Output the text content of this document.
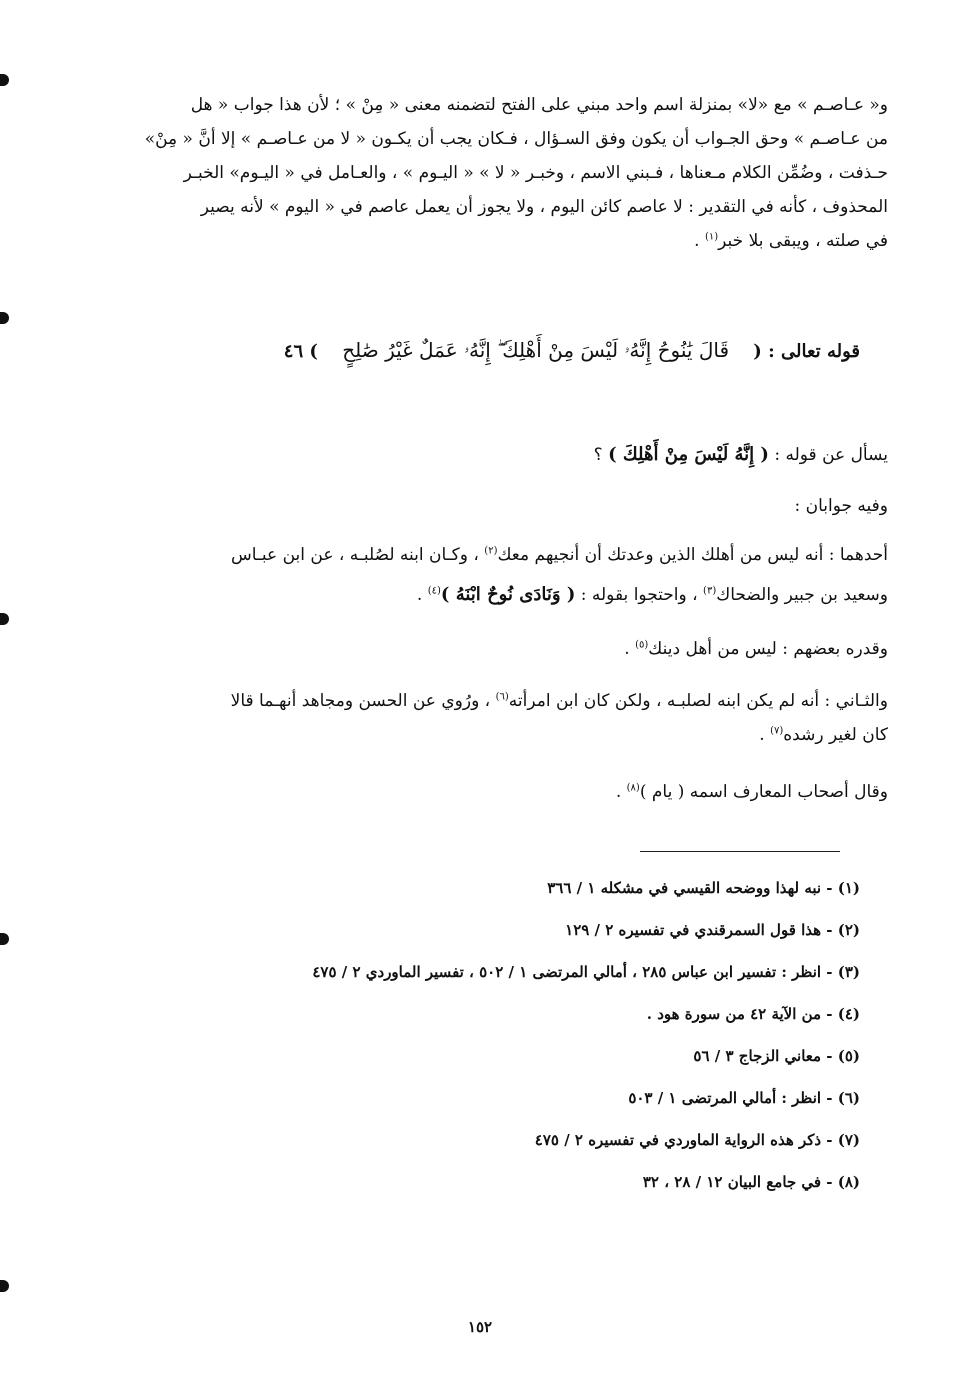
و« عـاصـم » مع «لا» بمنزلة اسم واحد مبني على الفتح لتضمنه معنى « مِنْ » ؛ لأن هذا جواب « هل
من عـاصـم » وحق الجـواب أن يكون وفق السـؤال ، فـكان يجب أن يكـون « لا من عـاصـم » إلا أنَّ « مِنْ»
حـذفت ، وضُمِّن الكلام مـعناها ، فـبني الاسم ، وخبـر « لا » « اليـوم » ، والعـامل في « اليـوم» الخبـر
المحذوف ، كأنه في التقدير : لا عاصم كائن اليوم ، ولا يجوز أن يعمل عاصم في « اليوم » لأنه يصير
في صلته ، ويبقى بلا خبر$^{(١)}$ .
قوله تعالى : ( قَالَ يَٰنُوحُ إِنَّهُۥ لَيْسَ مِنْ أَهْلِكَ ۖ إِنَّهُۥ عَمَلٌ غَيْرُ صَٰلِحٍ ) ٤٦
يسأل عن قوله : ( إِنَّهُ لَيْسَ مِنْ أَهْلِكَ ) ؟
وفيه جوابان :
أحدهما : أنه ليس من أهلك الذين وعدتك أن أنجيهم معك$^{(٢)}$ ، وكـان ابنه لصُلبـه ، عن ابن عبـاس
وسعيد بن جبير والضحاك$^{(٣)}$ ، واحتجوا بقوله : ( وَنَادَى نُوحٌ ابْنَهُ )$^{(٤)}$ .
وقدره بعضهم : ليس من أهل دينك$^{(٥)}$ .
والثـاني : أنه لم يكن ابنه لصلبـه ، ولكن كان ابن امرأته$^{(٦)}$ ، ورُوي عن الحسن ومجاهد أنهـما قالا
كان لغير رشده$^{(٧)}$ .
وقال أصحاب المعارف اسمه ( يام )$^{(٨)}$ .
(١) - نبه لهذا ووضحه القيسي في مشكله ١ / ٣٦٦
(٢) - هذا قول السمرقندي في تفسيره ٢ / ١٢٩
(٣) - انظر : تفسير ابن عباس ٢٨٥ ، أمالي المرتضى ١ / ٥٠٢ ، تفسير الماوردي ٢ / ٤٧٥
(٤) - من الآية ٤٢ من سورة هود .
(٥) - معاني الزجاج ٣ / ٥٦
(٦) - انظر : أمالي المرتضى ١ / ٥٠٣
(٧) - ذكر هذه الرواية الماوردي في تفسيره ٢ / ٤٧٥
(٨) - في جامع البيان ١٢ / ٢٨ ، ٣٢
١٥٢
